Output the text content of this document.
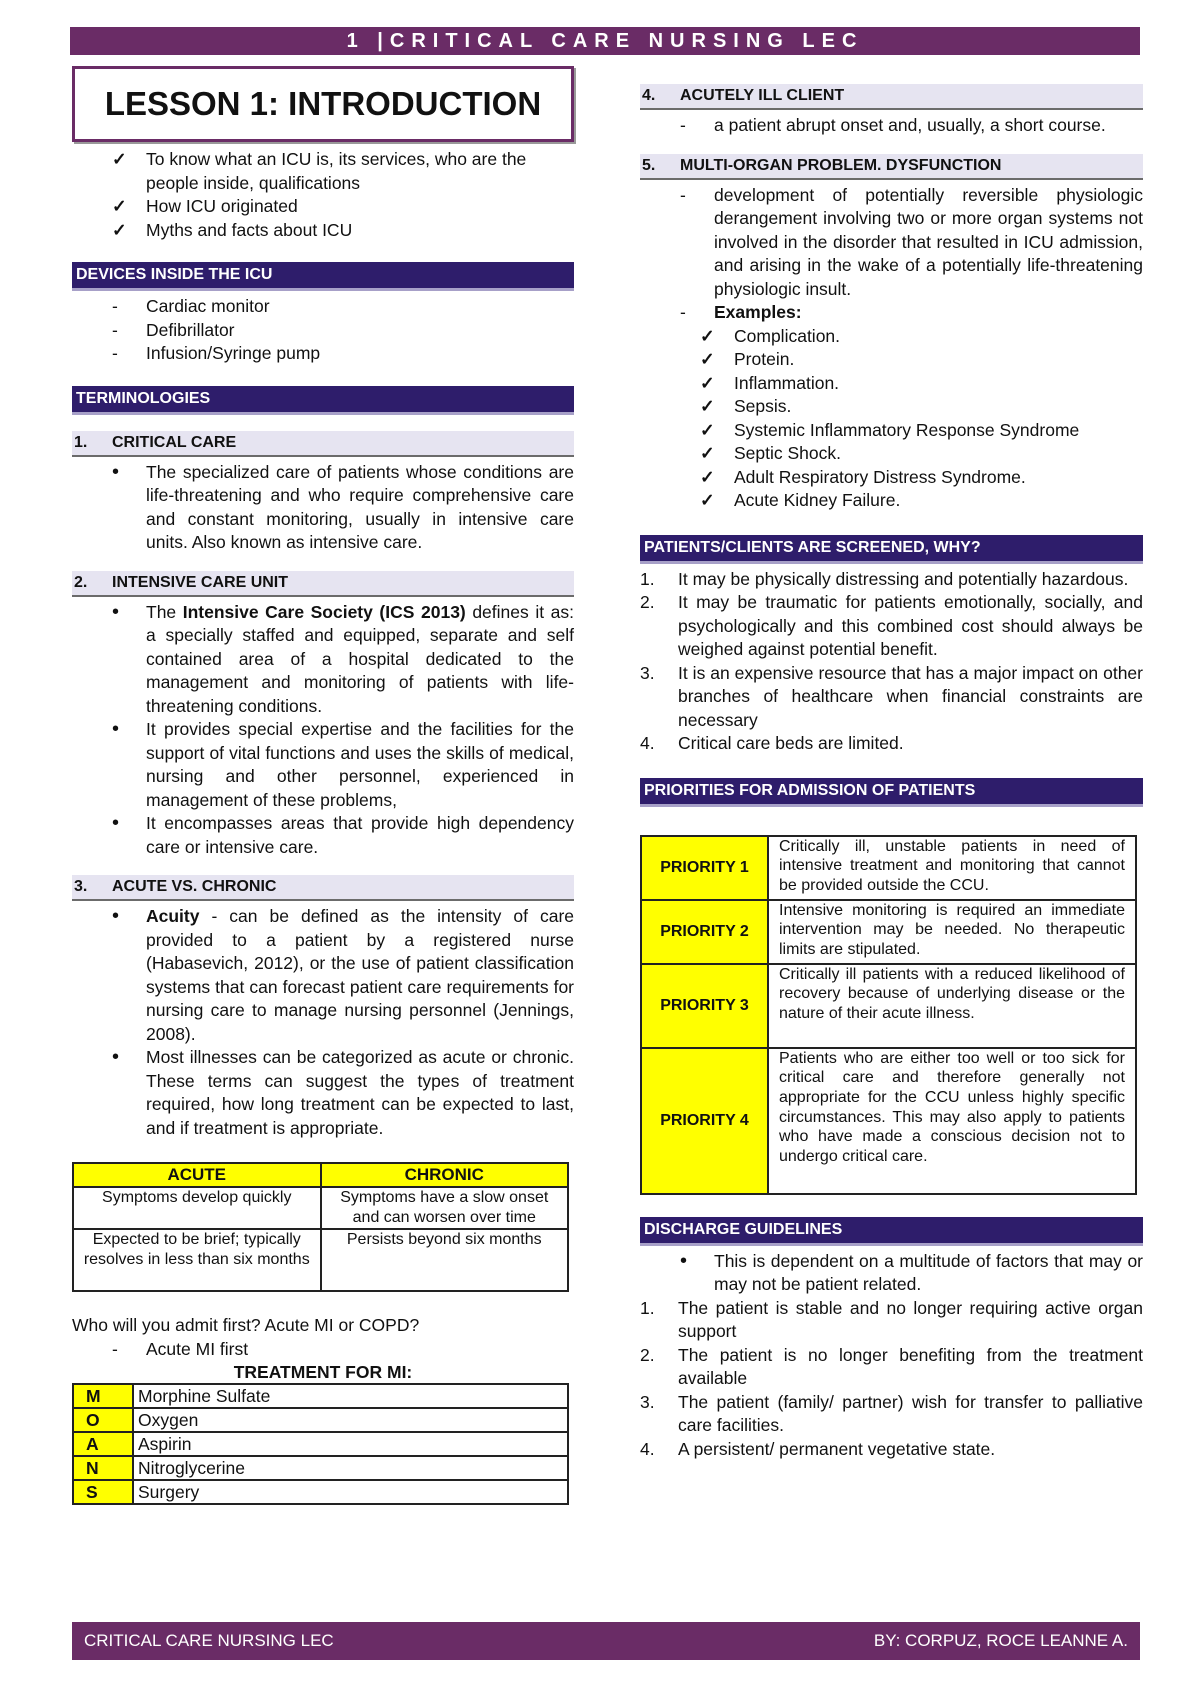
1 |CRITICAL CARE NURSING LEC
LESSON 1: INTRODUCTION
✓ To know what an ICU is, its services, who are the people inside, qualifications
✓ How ICU originated
✓ Myths and facts about ICU
DEVICES INSIDE THE ICU
- Cardiac monitor
- Defibrillator
- Infusion/Syringe pump
TERMINOLOGIES
1. CRITICAL CARE
• The specialized care of patients whose conditions are life-threatening and who require comprehensive care and constant monitoring, usually in intensive care units. Also known as intensive care.
2. INTENSIVE CARE UNIT
• The Intensive Care Society (ICS 2013) defines it as: a specially staffed and equipped, separate and self contained area of a hospital dedicated to the management and monitoring of patients with life-threatening conditions.
• It provides special expertise and the facilities for the support of vital functions and uses the skills of medical, nursing and other personnel, experienced in management of these problems,
• It encompasses areas that provide high dependency care or intensive care.
3. ACUTE VS. CHRONIC
• Acuity - can be defined as the intensity of care provided to a patient by a registered nurse (Habasevich, 2012), or the use of patient classification systems that can forecast patient care requirements for nursing care to manage nursing personnel (Jennings, 2008).
• Most illnesses can be categorized as acute or chronic. These terms can suggest the types of treatment required, how long treatment can be expected to last, and if treatment is appropriate.
ACUTE	CHRONIC
Symptoms develop quickly	Symptoms have a slow onset and can worsen over time
Expected to be brief; typically resolves in less than six months	Persists beyond six months
Who will you admit first? Acute MI or COPD?
- Acute MI first
TREATMENT FOR MI:
M	Morphine Sulfate
O	Oxygen
A	Aspirin
N	Nitroglycerine
S	Surgery
4. ACUTELY ILL CLIENT
- a patient abrupt onset and, usually, a short course.
5. MULTI-ORGAN PROBLEM. DYSFUNCTION
- development of potentially reversible physiologic derangement involving two or more organ systems not involved in the disorder that resulted in ICU admission, and arising in the wake of a potentially life-threatening physiologic insult.
- Examples:
✓ Complication.
✓ Protein.
✓ Inflammation.
✓ Sepsis.
✓ Systemic Inflammatory Response Syndrome
✓ Septic Shock.
✓ Adult Respiratory Distress Syndrome.
✓ Acute Kidney Failure.
PATIENTS/CLIENTS ARE SCREENED, WHY?
1. It may be physically distressing and potentially hazardous.
2. It may be traumatic for patients emotionally, socially, and psychologically and this combined cost should always be weighed against potential benefit.
3. It is an expensive resource that has a major impact on other branches of healthcare when financial constraints are necessary
4. Critical care beds are limited.
PRIORITIES FOR ADMISSION OF PATIENTS
PRIORITY 1	Critically ill, unstable patients in need of intensive treatment and monitoring that cannot be provided outside the CCU.
PRIORITY 2	Intensive monitoring is required an immediate intervention may be needed. No therapeutic limits are stipulated.
PRIORITY 3	Critically ill patients with a reduced likelihood of recovery because of underlying disease or the nature of their acute illness.
PRIORITY 4	Patients who are either too well or too sick for critical care and therefore generally not appropriate for the CCU unless highly specific circumstances. This may also apply to patients who have made a conscious decision not to undergo critical care.
DISCHARGE GUIDELINES
• This is dependent on a multitude of factors that may or may not be patient related.
1. The patient is stable and no longer requiring active organ support
2. The patient is no longer benefiting from the treatment available
3. The patient (family/ partner) wish for transfer to palliative care facilities.
4. A persistent/ permanent vegetative state.
CRITICAL CARE NURSING LEC	BY: CORPUZ, ROCE LEANNE A.
